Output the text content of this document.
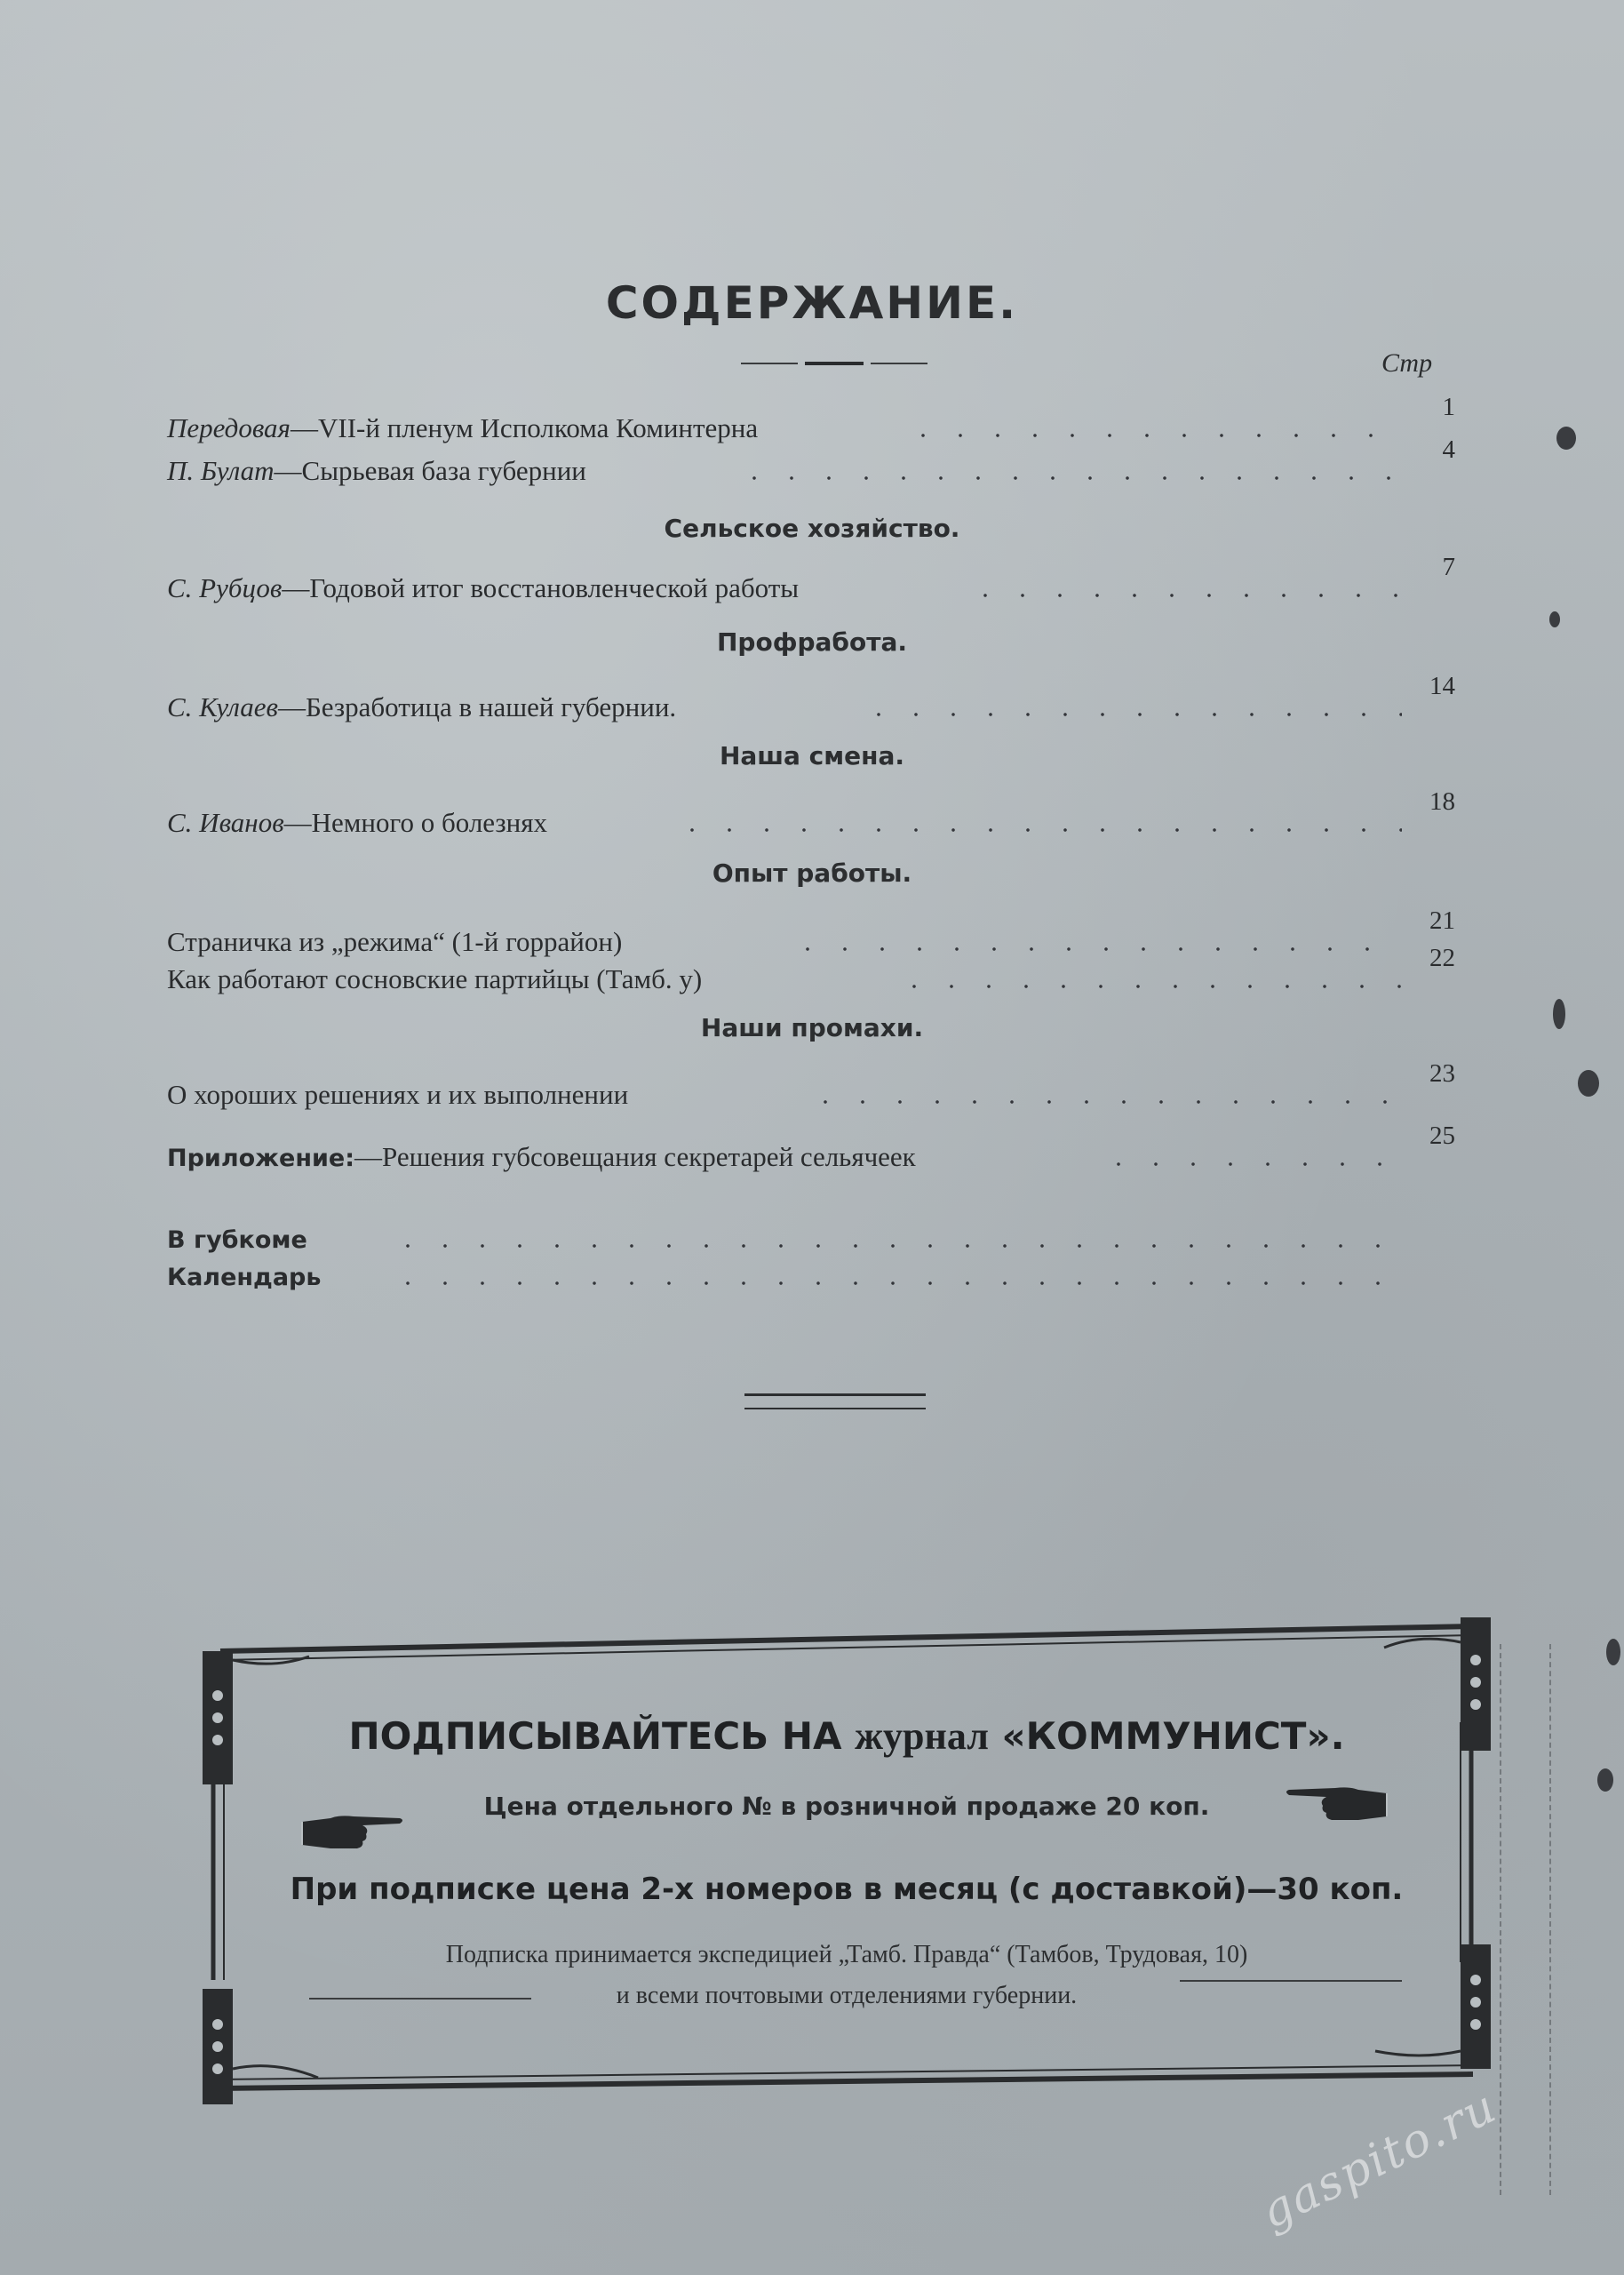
СОДЕРЖАНИЕ.
Стр
Передовая—VII-й пленум Исполкома Коминтерна
1
П. Булат—Сырьевая база губернии
4
Сельское хозяйство.
С. Рубцов—Годовой итог восстановленческой работы
7
Профработа.
С. Кулаев—Безработица в нашей губернии.
14
Наша смена.
С. Иванов—Немного о болезнях
18
Опыт работы.
Страничка из „режима“ (1-й горрайон)
21
Как работают сосновские партийцы (Тамб. у)
22
Наши промахи.
О хороших решениях и их выполнении
23
Приложение:—Решения губсовещания секретарей сельячеек
25
В губкоме
Календарь
ПОДПИСЫВАЙТЕСЬ НА журнал «КОММУНИСТ».
Цена отдельного № в розничной продаже 20 коп.
При подписке цена 2-х номеров в месяц (с доставкой)—30 коп.
Подписка принимается экспедицией „Тамб. Правда“ (Тамбов, Трудовая, 10)
и всеми почтовыми отделениями губернии.
gaspito.ru
